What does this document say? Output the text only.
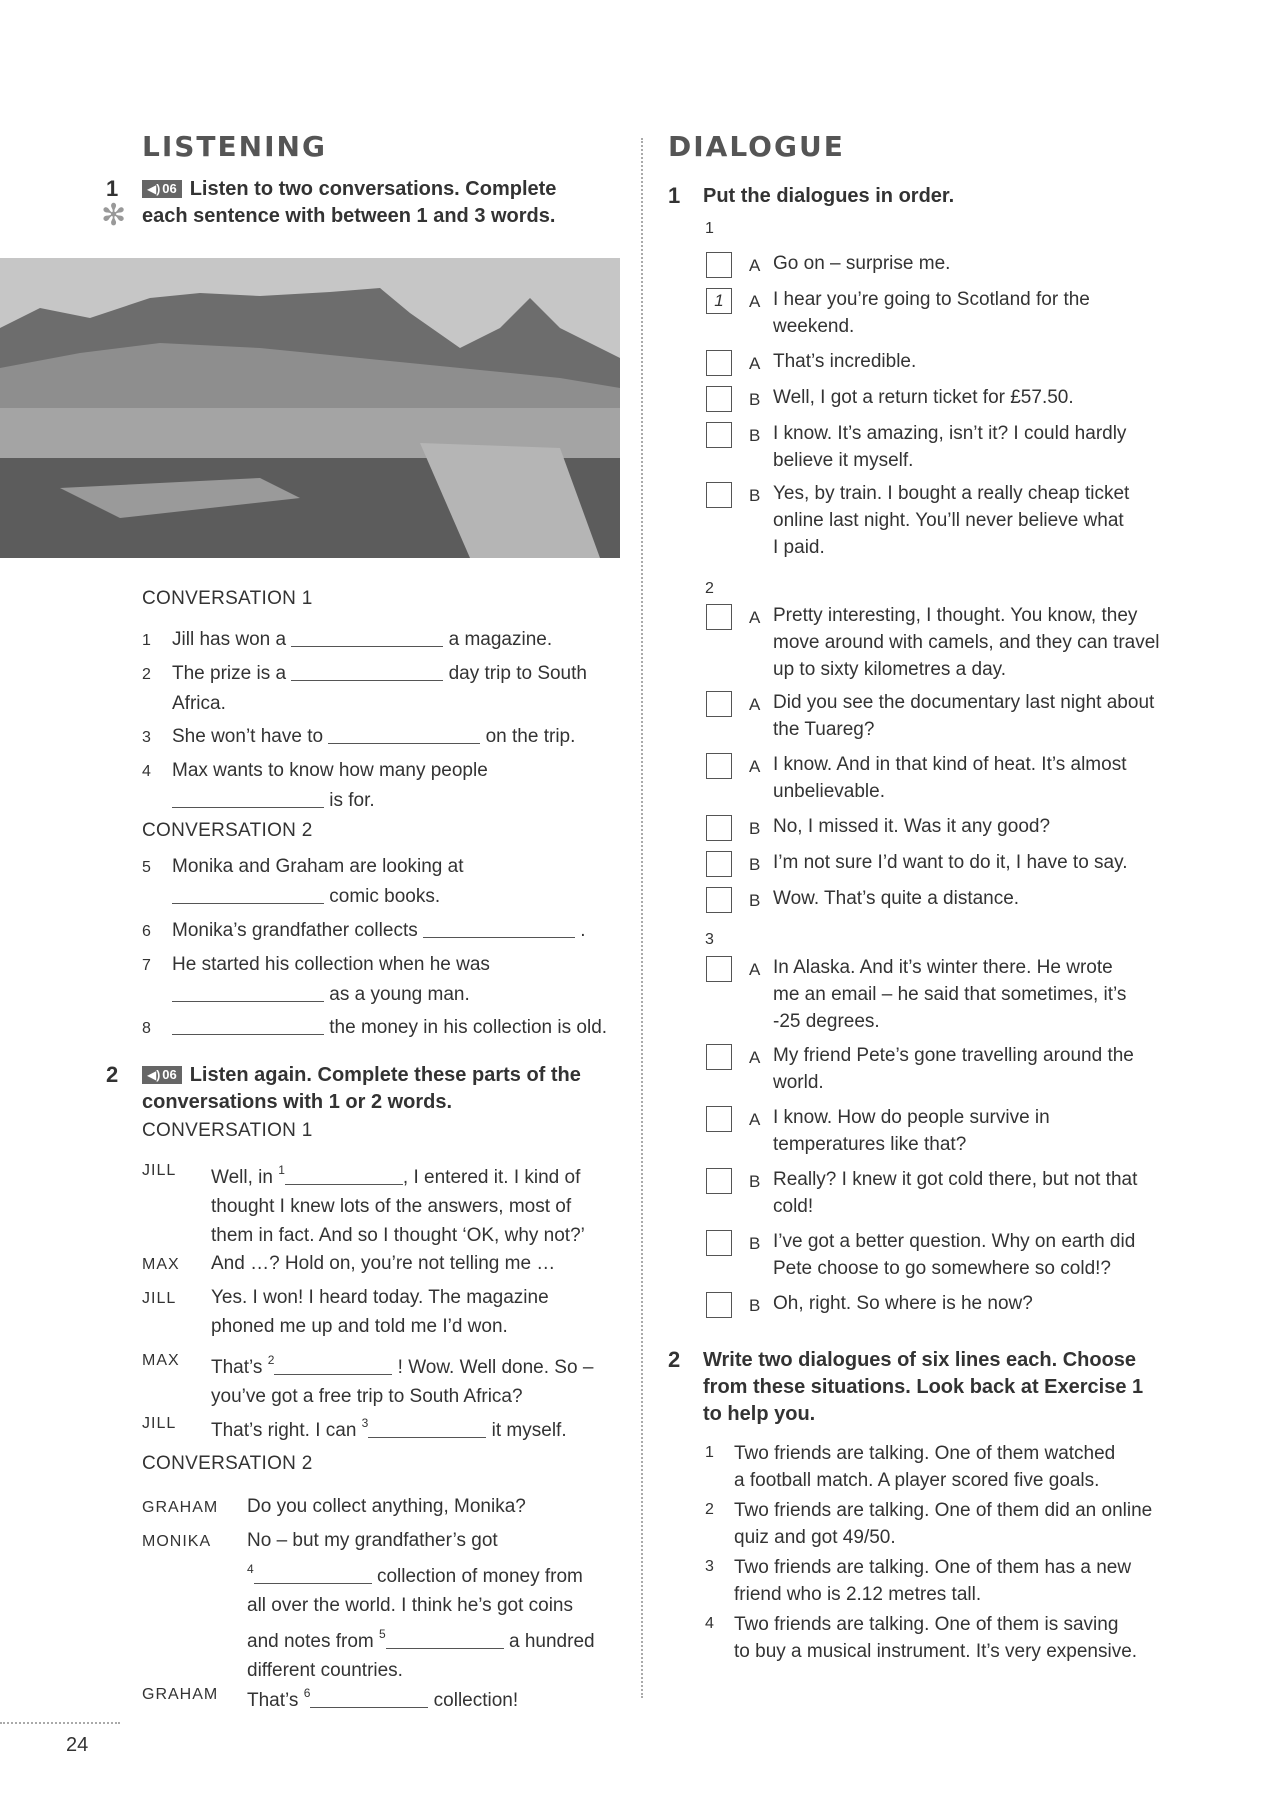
LISTENING
1
✻
◀) 06 Listen to two conversations. Complete
each sentence with between 1 and 3 words.
CONVERSATION 1
1 Jill has won a	a magazine.
2 The prize is a	day trip to South
Africa.
3 She won’t have to	on the trip.
4 Max wants to know how many people
is for.
CONVERSATION 2
5 Monika and Graham are looking at
comic books.
6 Monika’s grandfather collects	.
7 He started his collection when he was
as a young man.
8	the money in his collection is old.
2	◀) 06 Listen again. Complete these parts of the
conversations with 1 or 2 words.
CONVERSATION 1
JILL Well, in $^1$	, I entered it. I kind of
thought I knew lots of the answers, most of
them in fact. And so I thought ‘OK, why not?’
MAX And …? Hold on, you’re not telling me …
JILL Yes. I won! I heard today. The magazine
phoned me up and told me I’d won.
MAX That’s $^2$	! Wow. Well done. So –
you’ve got a free trip to South Africa?
JILL That’s right. I can $^3$	it myself.
CONVERSATION 2
GRAHAM Do you collect anything, Monika?
MONIKA No – but my grandfather’s got
$^4$	collection of money from
all over the world. I think he’s got coins
and notes from $^5$	a hundred
different countries.
GRAHAM That’s $^6$	collection!
DIALOGUE
1 Put the dialogues in order.
1
A Go on – surprise me.
1	A I hear you’re going to Scotland for the
weekend.
A That’s incredible.
B Well, I got a return ticket for £57.50.
B I know. It’s amazing, isn’t it? I could hardly
believe it myself.
B Yes, by train. I bought a really cheap ticket
online last night. You’ll never believe what
I paid.
A Pretty interesting, I thought. You know, they
move around with camels, and they can travel
up to sixty kilometres a day.
A Did you see the documentary last night about
the Tuareg?
A I know. And in that kind of heat. It’s almost
unbelievable.
B No, I missed it. Was it any good?
B I’m not sure I’d want to do it, I have to say.
B Wow. That’s quite a distance.
A In Alaska. And it’s winter there. He wrote
me an email – he said that sometimes, it’s
-25 degrees.
A My friend Pete’s gone travelling around the
world.
A I know. How do people survive in
temperatures like that?
B Really? I knew it got cold there, but not that
cold!
B I’ve got a better question. Why on earth did
Pete choose to go somewhere so cold!?
B Oh, right. So where is he now?
2
3
2 Write two dialogues of six lines each. Choose
from these situations. Look back at Exercise 1
to help you.
1 Two friends are talking. One of them watched
a football match. A player scored five goals.
2 Two friends are talking. One of them did an online
quiz and got 49/50.
3 Two friends are talking. One of them has a new
friend who is 2.12 metres tall.
4 Two friends are talking. One of them is saving
to buy a musical instrument. It’s very expensive.
24
